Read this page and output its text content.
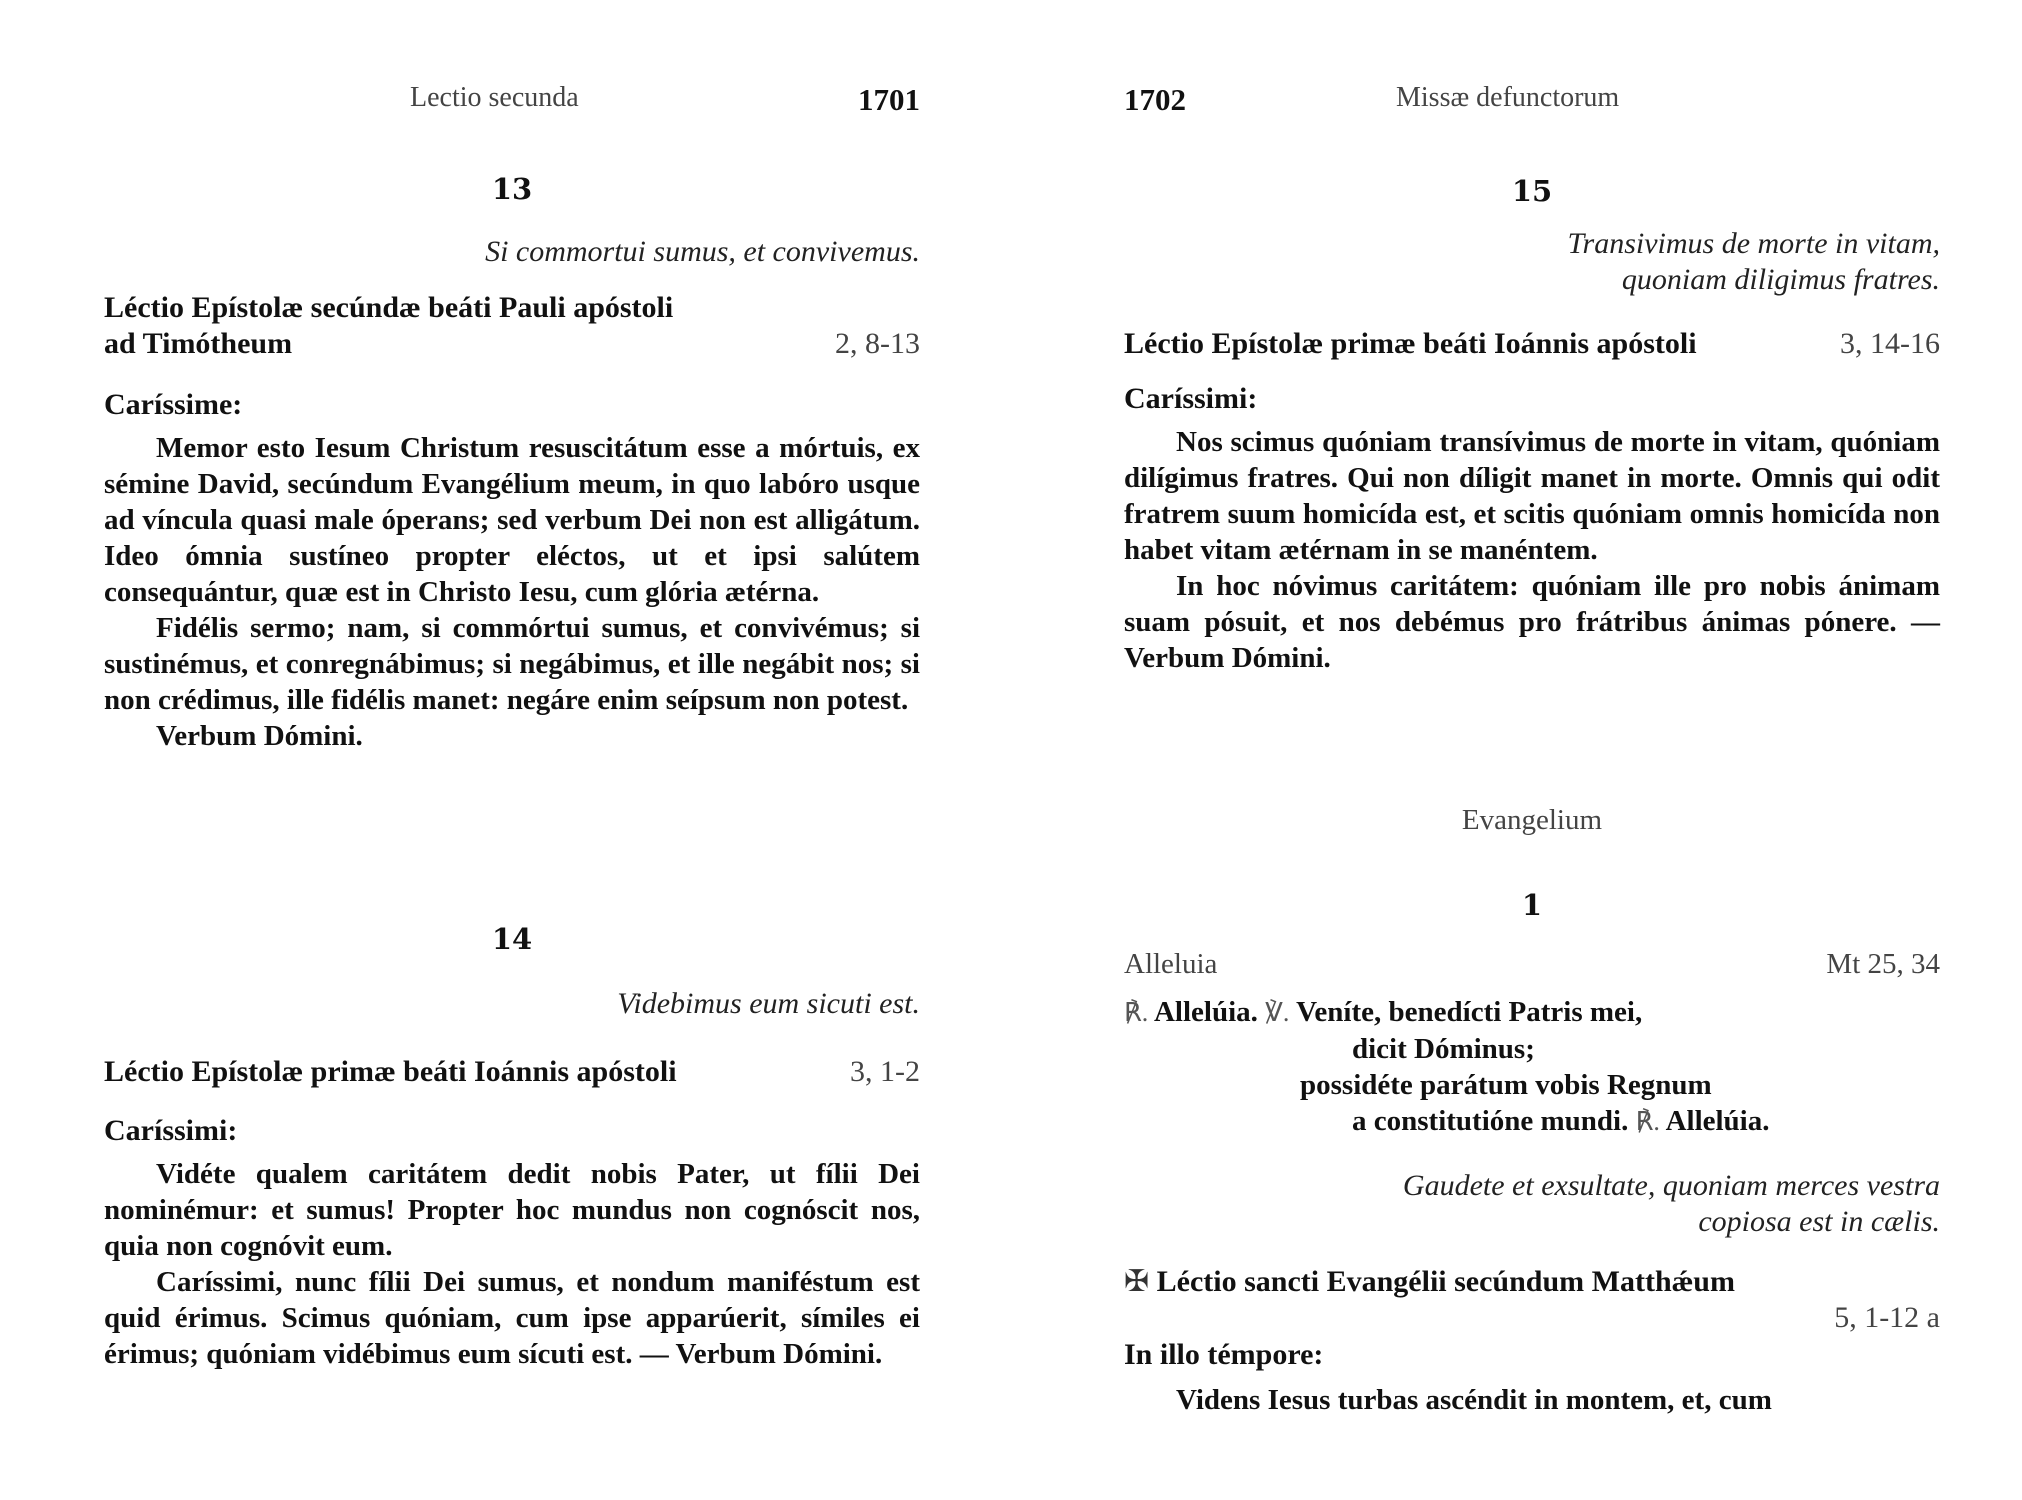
Lectio secunda	1701
13
Si commortui sumus, et convivemus.
Léctio Epístolæ secúndæ beáti Pauli apóstoli
ad Timótheum	2, 8-13
Caríssime:

Memor esto Iesum Christum resuscitátum esse a mórtuis, ex sémine David, secúndum Evangélium meum, in quo labóro usque ad víncula quasi male óperans; sed verbum Dei non est alligátum. Ideo ómnia sustíneo propter eléctos, ut et ipsi salútem consequántur, quæ est in Christo Iesu, cum glória ætérna.

Fidélis sermo; nam, si commórtui sumus, et convivémus; si sustinémus, et conregnábimus; si negábimus, et ille negábit nos; si non crédimus, ille fidélis manet: negáre enim seípsum non potest.

Verbum Dómini.

14
Videbimus eum sicuti est.
Léctio Epístolæ primæ beáti Ioánnis apóstoli	3, 1-2
Caríssimi:

Vidéte qualem caritátem dedit nobis Pater, ut fílii Dei nominémur: et sumus! Propter hoc mundus non cognóscit nos, quia non cognóvit eum.

Caríssimi, nunc fílii Dei sumus, et nondum maniféstum est quid érimus. Scimus quóniam, cum ipse apparúerit, símiles ei érimus; quóniam vidébimus eum sícuti est. — Verbum Dómini.

1702	Missæ defunctorum
15
Transivimus de morte in vitam,
quoniam diligimus fratres.
Léctio Epístolæ primæ beáti Ioánnis apóstoli	3, 14-16
Caríssimi:

Nos scimus quóniam transívimus de morte in vitam, quóniam dilígimus fratres. Qui non díligit manet in morte. Omnis qui odit fratrem suum homicída est, et scitis quóniam omnis homicída non habet vitam ætérnam in se manéntem.

In hoc nóvimus caritátem: quóniam ille pro nobis ánimam suam pósuit, et nos debémus pro frátribus ánimas pónere. — Verbum Dómini.

Evangelium
1
Alleluia	Mt 25, 34
℟. Allelúia. ℣. Veníte, benedícti Patris mei,
dicit Dóminus;
possidéte parátum vobis Regnum
a constitutióne mundi. ℟. Allelúia.
Gaudete et exsultate, quoniam merces vestra
copiosa est in cælis.
✠ Léctio sancti Evangélii secúndum Matthǽum
5, 1-12 a
In illo témpore:

Videns Iesus turbas ascéndit in montem, et, cum
